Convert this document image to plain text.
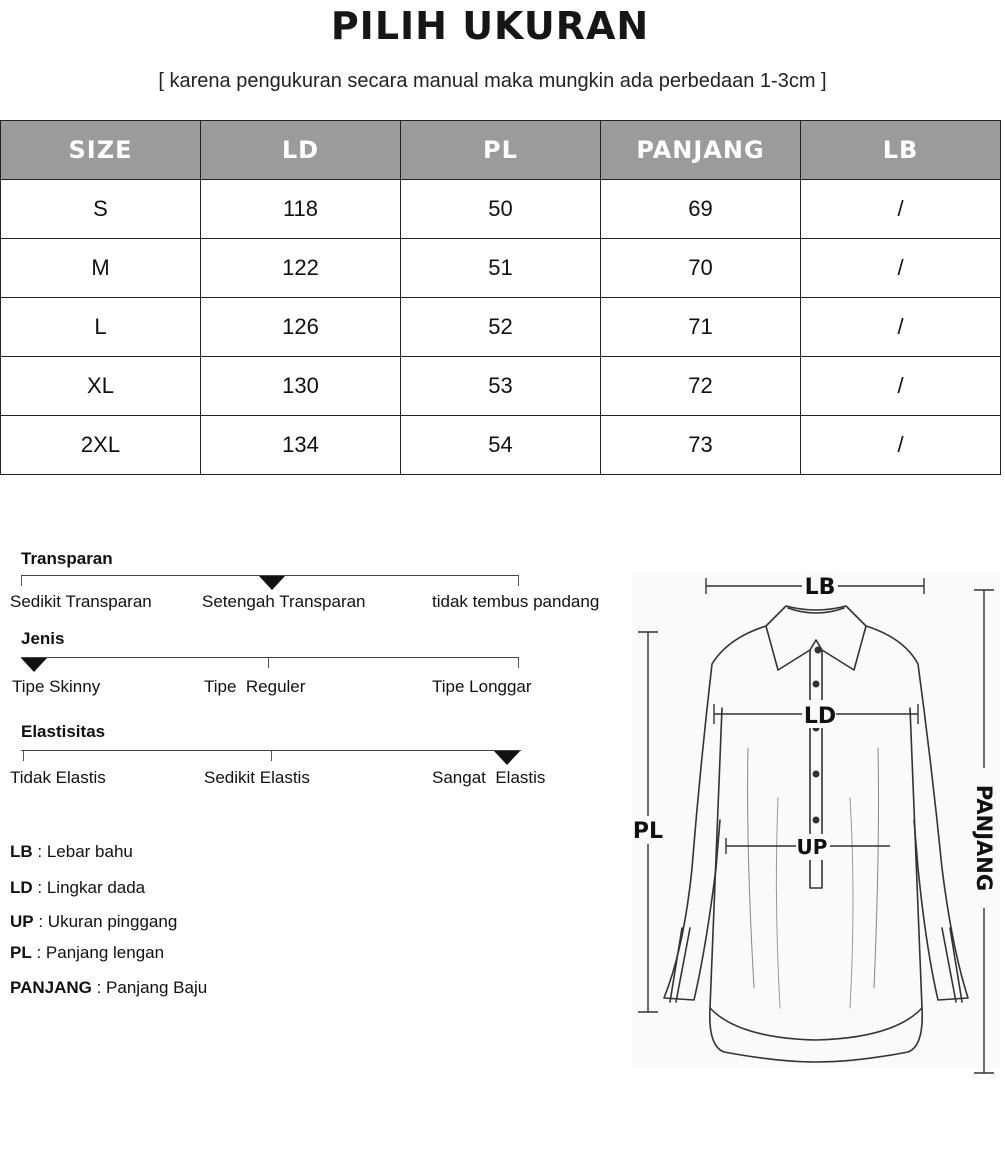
PILIH UKURAN
[ karena pengukuran secara manual maka mungkin ada perbedaan 1-3cm ]
SIZE	LD	PL	PANJANG	LB
S	118	50	69	/
M	122	51	70	/
L	126	52	71	/
XL	130	53	72	/
2XL	134	54	73	/
Transparan
Sedikit Transparan	Setengah Transparan	tidak tembus pandang
Jenis
Tipe Skinny	Tipe  Reguler	Tipe Longgar
Elastisitas
Tidak Elastis	Sedikit Elastis	Sangat  Elastis
LB : Lebar bahu
LD : Lingkar dada
UP : Ukuran pinggang
PL : Panjang lengan
PANJANG : Panjang Baju
LB
LD
UP
PL	PANJANG
